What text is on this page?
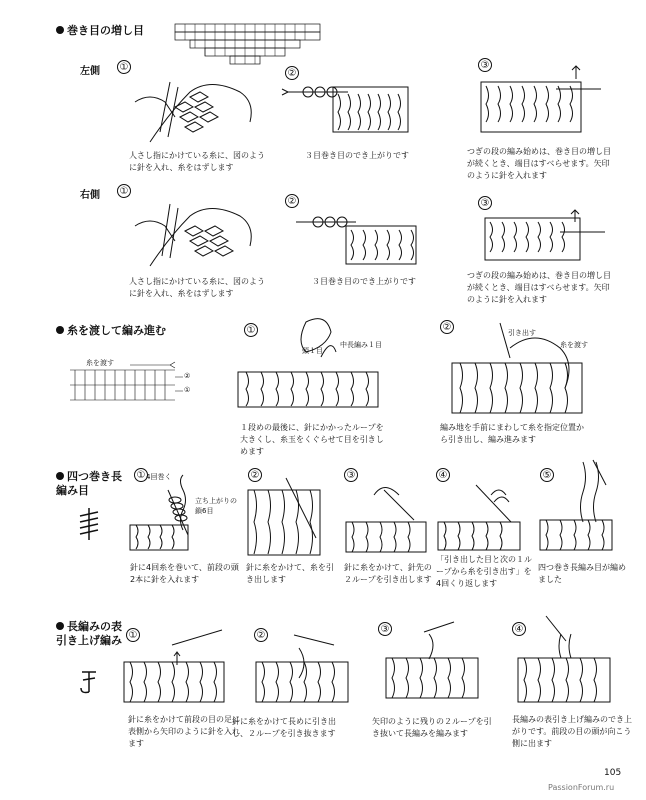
巻き目の増し目
左側 ①
人さし指にかけている糸に、図のように針を入れ、糸をはずします
②
３目巻き目のでき上がりです
③
つぎの段の編み始めは、巻き目の増し目が続くとき、端目はすべらせます。矢印のように針を入れます
右側 ①
人さし指にかけている糸に、図のように針を入れ、糸をはずします
②
３目巻き目のでき上がりです
③
つぎの段の編み始めは、巻き目の増し目が続くとき、端目はすべらせます。矢印のように針を入れます
糸を渡して編み進む
糸を渡す
②
①
①
頭１目
中長編み１目
１段めの最後に、針にかかったループを大きくし、糸玉をくぐらせて目を引きしめます
②	引き出す
糸を渡す
編み地を手前にまわして糸を指定位置から引き出し、編み進みます
四つ巻き長編み目
① 4回巻く
立ち上がりの鎖6目
針に4回糸を巻いて、前段の頭2本に針を入れます
②
針に糸をかけて、糸を引き出します
③
針に糸をかけて、針先の２ループを引き出します
④
「引き出した目と次の１ループから糸を引き出す」を4回くり返します
⑤
四つ巻き長編み目が編めました
長編みの表引き上げ編み ①
針に糸をかけて前段の目の足に表側から矢印のように針を入れます
②
針に糸をかけて長めに引き出し、２ループを引き抜きます
③
矢印のように残りの２ループを引き抜いて長編みを編みます
④
長編みの表引き上げ編みのでき上がりです。前段の目の頭が向こう側に出ます
105
PassionForum.ru
